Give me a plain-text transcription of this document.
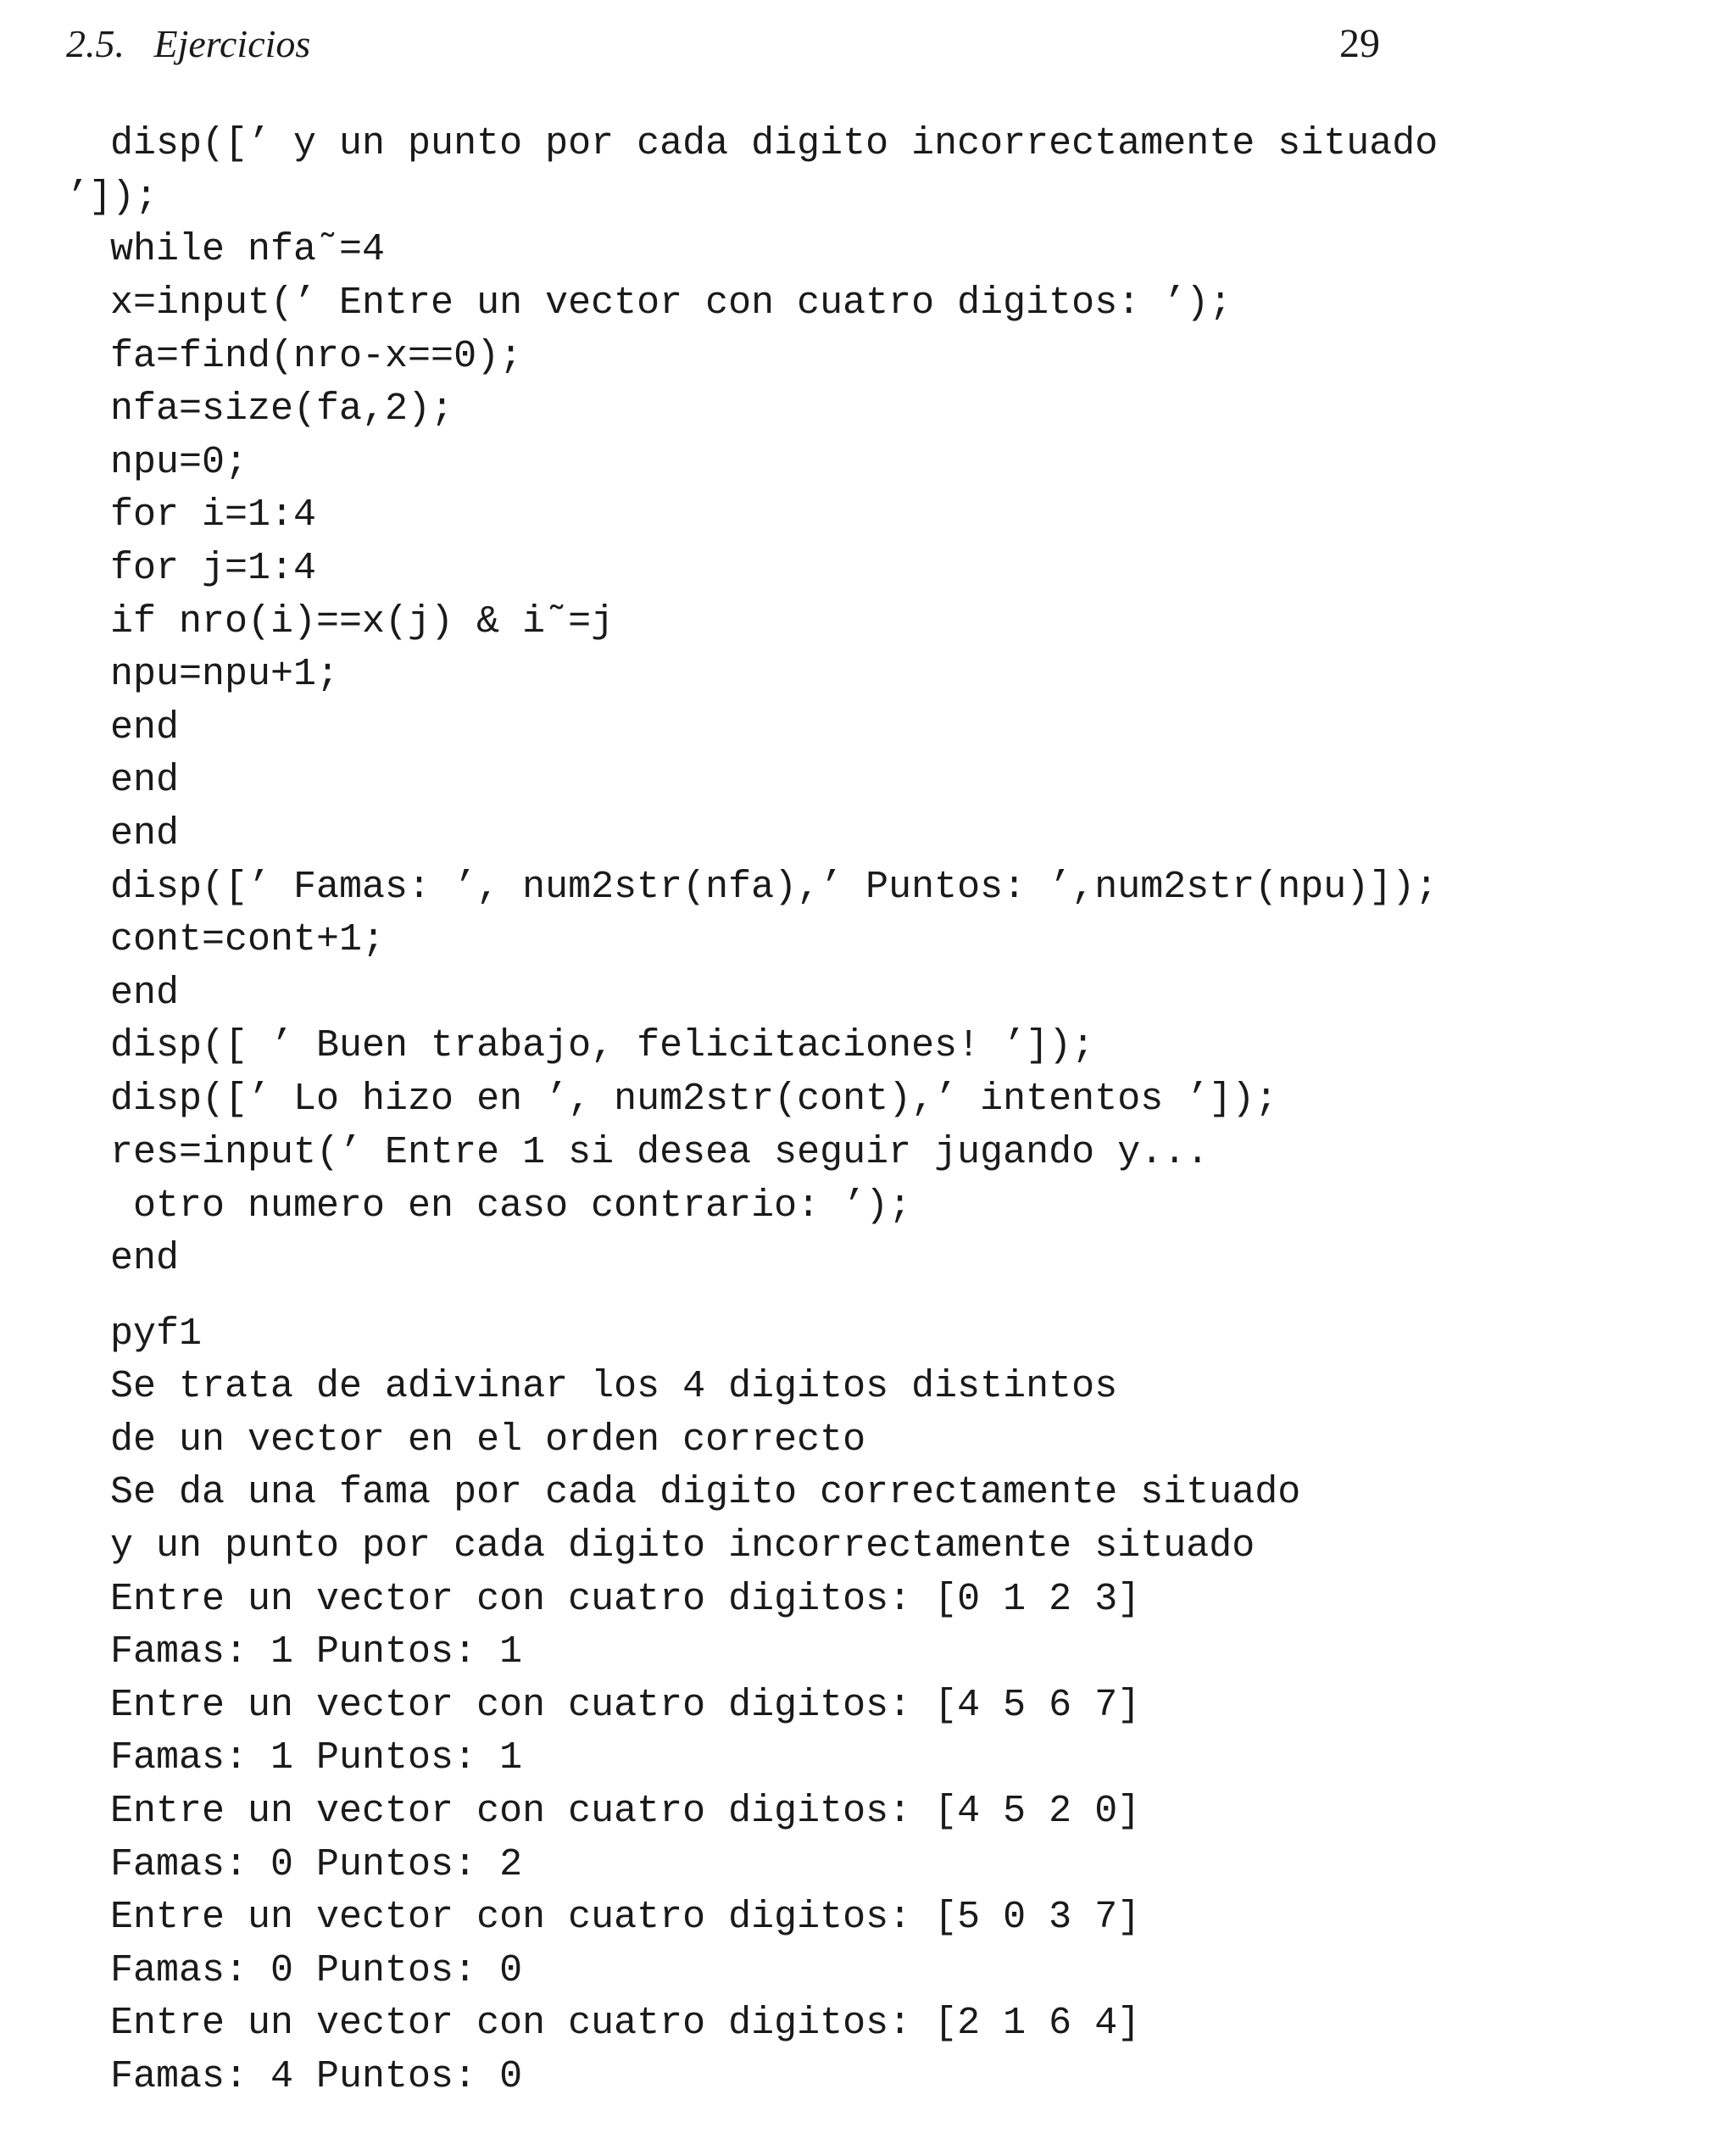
2.5.   Ejercicios	29
disp([’ y un punto por cada digito incorrectamente situado
’]);
while nfa˜=4
x=input(’ Entre un vector con cuatro digitos: ’);
fa=find(nro-x==0);
nfa=size(fa,2);
npu=0;
for i=1:4
for j=1:4
if nro(i)==x(j) & i˜=j
npu=npu+1;
end
end
end
disp([’ Famas: ’, num2str(nfa),’ Puntos: ’,num2str(npu)]);
cont=cont+1;
end
disp([ ’ Buen trabajo, felicitaciones! ’]);
disp([’ Lo hizo en ’, num2str(cont),’ intentos ’]);
res=input(’ Entre 1 si desea seguir jugando y...
otro numero en caso contrario: ’);
end
pyf1
Se trata de adivinar los 4 digitos distintos
de un vector en el orden correcto
Se da una fama por cada digito correctamente situado
y un punto por cada digito incorrectamente situado
Entre un vector con cuatro digitos: [0 1 2 3]
Famas: 1 Puntos: 1
Entre un vector con cuatro digitos: [4 5 6 7]
Famas: 1 Puntos: 1
Entre un vector con cuatro digitos: [4 5 2 0]
Famas: 0 Puntos: 2
Entre un vector con cuatro digitos: [5 0 3 7]
Famas: 0 Puntos: 0
Entre un vector con cuatro digitos: [2 1 6 4]
Famas: 4 Puntos: 0
